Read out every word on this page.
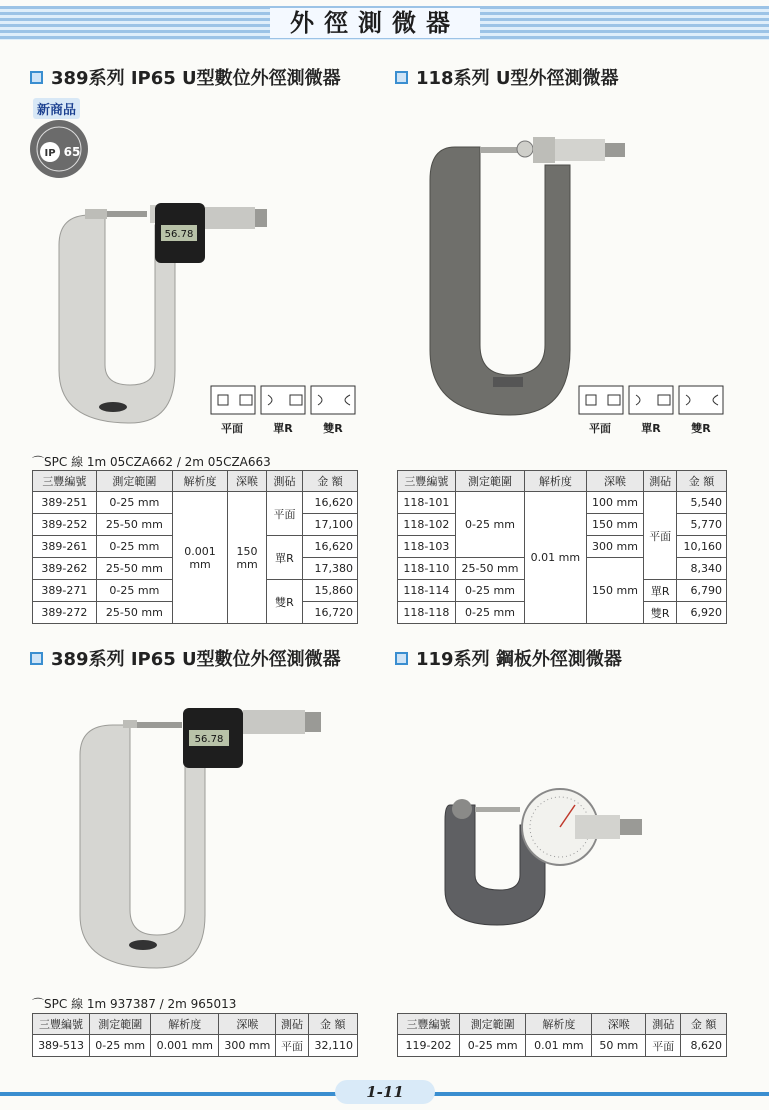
外徑測微器
389系列 IP65 U型數位外徑測微器
新商品
IP 65
56.78
平面	單R	雙R
⌒SPC 線 1m 05CZA662 / 2m 05CZA663
三豐編號	測定範圍	解析度	深喉	測砧	金 額
389-251	0-25 mm	0.001 mm	150 mm	平面	16,620
389-252	25-50 mm				17,100
389-261	0-25 mm			單R	16,620
389-262	25-50 mm				17,380
389-271	0-25 mm			雙R	15,860
389-272	25-50 mm				16,720
118系列 U型外徑測微器
平面	單R	雙R
三豐編號	測定範圍	解析度	深喉	測砧	金 額
118-101	0-25 mm	0.01 mm	100 mm	平面	5,540
118-102			150 mm		5,770
118-103			300 mm		10,160
118-110	25-50 mm		150 mm		8,340
118-114	0-25 mm			單R	6,790
118-118	0-25 mm			雙R	6,920
389系列 IP65 U型數位外徑測微器
56.78
⌒SPC 線 1m 937387 / 2m 965013
三豐編號	測定範圍	解析度	深喉	測砧	金 額
389-513	0-25 mm	0.001 mm	300 mm	平面	32,110
119系列 鋼板外徑測微器
三豐編號	測定範圍	解析度	深喉	測砧	金 額
119-202	0-25 mm	0.01 mm	50 mm	平面	8,620
1-11
